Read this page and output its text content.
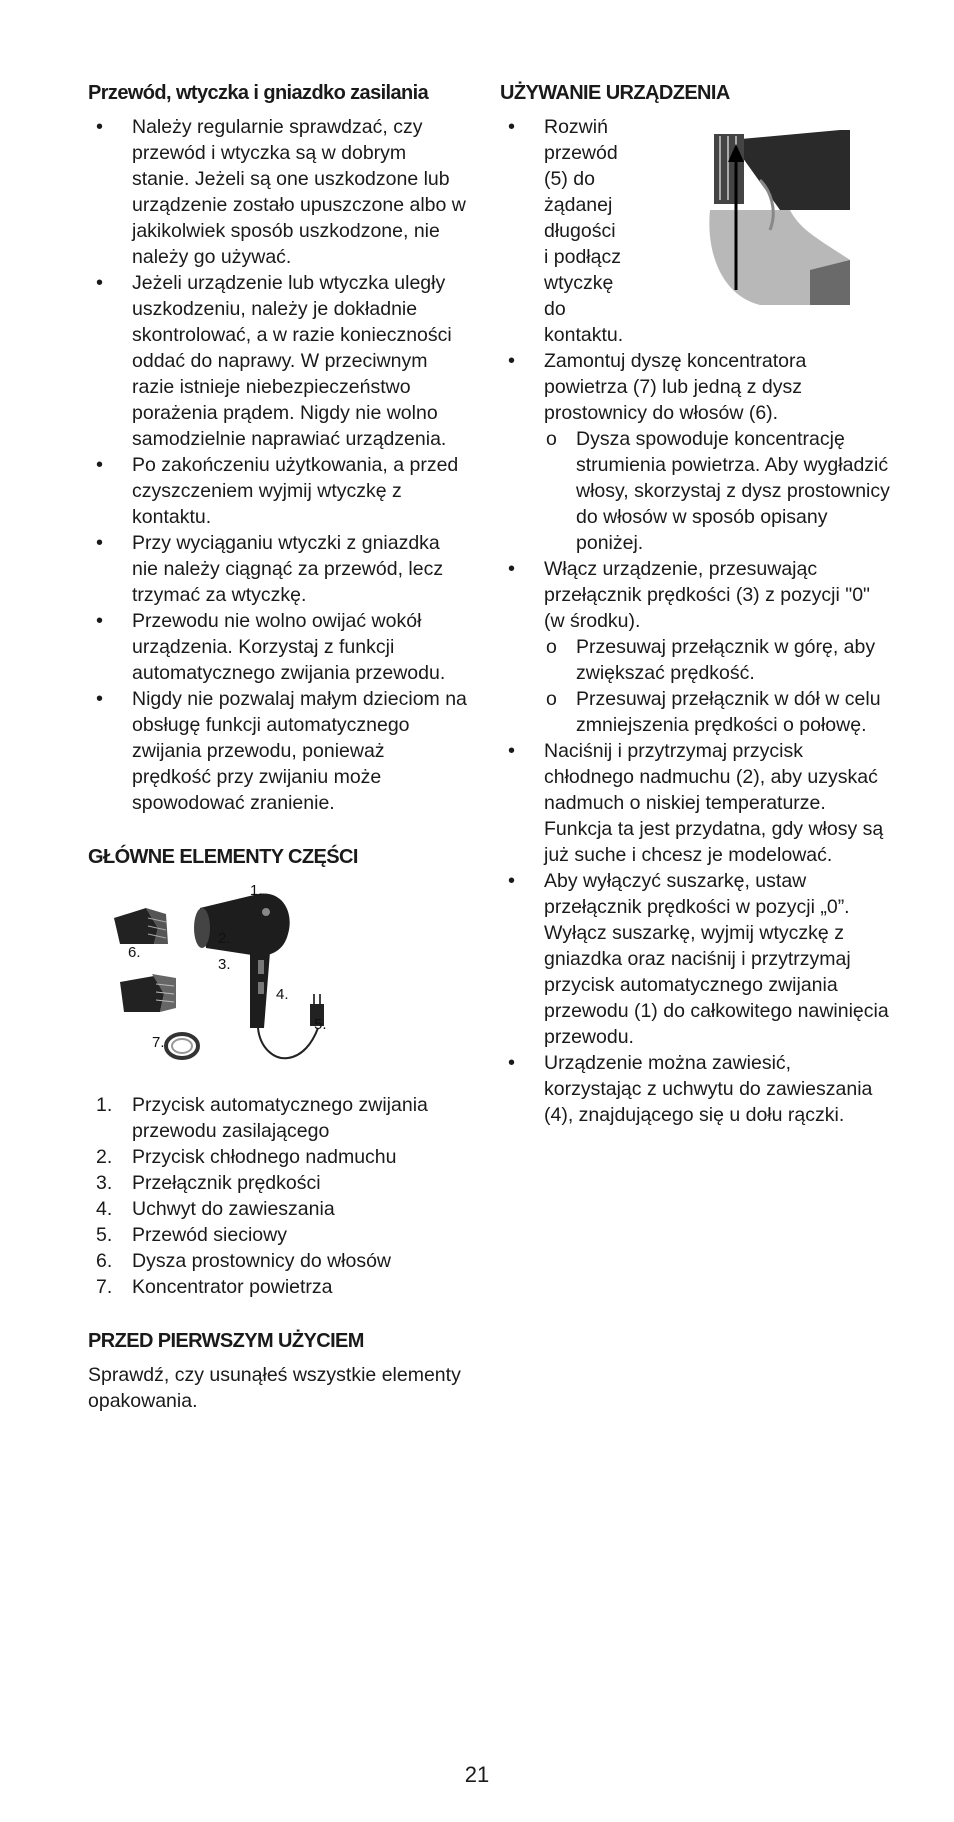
Przewód, wtyczka i gniazdko zasilania
• Należy regularnie sprawdzać, czy przewód i wtyczka są w dobrym stanie. Jeżeli są one uszkodzone lub urządzenie zostało upuszczone albo w jakikolwiek sposób uszkodzone, nie należy go używać.
• Jeżeli urządzenie lub wtyczka uległy uszkodzeniu, należy je dokładnie skontrolować, a w razie konieczności oddać do naprawy. W przeciwnym razie istnieje niebezpieczeństwo porażenia prądem. Nigdy nie wolno samodzielnie naprawiać urządzenia.
• Po zakończeniu użytkowania, a przed czyszczeniem wyjmij wtyczkę z kontaktu.
• Przy wyciąganiu wtyczki z gniazdka nie należy ciągnąć za przewód, lecz trzymać za wtyczkę.
• Przewodu nie wolno owijać wokół urządzenia. Korzystaj z funkcji automatycznego zwijania przewodu.
• Nigdy nie pozwalaj małym dzieciom na obsługę funkcji automatycznego zwijania przewodu, ponieważ prędkość przy zwijaniu może spowodować zranienie.
GŁÓWNE ELEMENTY CZĘŚCI
1.
2.
3.
4.
5.
6.
7.
1. Przycisk automatycznego zwijania przewodu zasilającego
2. Przycisk chłodnego nadmuchu
3. Przełącznik prędkości
4. Uchwyt do zawieszania
5. Przewód sieciowy
6. Dysza prostownicy do włosów
7. Koncentrator powietrza
PRZED PIERWSZYM UŻYCIEM

Sprawdź, czy usunąłeś wszystkie elementy opakowania.

UŻYWANIE URZĄDZENIA
• Rozwiń
przewód
(5) do
żądanej
długości
i podłącz
wtyczkę
do
kontaktu.
• Zamontuj dyszę koncentratora powietrza (7) lub jedną z dysz prostownicy do włosów (6).
o Dysza spowoduje koncentrację strumienia powietrza. Aby wygładzić włosy, skorzystaj z dysz prostownicy do włosów w sposób opisany poniżej.
• Włącz urządzenie, przesuwając przełącznik prędkości (3) z pozycji "0" (w środku).
o Przesuwaj przełącznik w górę, aby zwiększać prędkość.
o Przesuwaj przełącznik w dół w celu zmniejszenia prędkości o połowę.
• Naciśnij i przytrzymaj przycisk chłodnego nadmuchu (2), aby uzyskać nadmuch o niskiej temperaturze. Funkcja ta jest przydatna, gdy włosy są już suche i chcesz je modelować.
• Aby wyłączyć suszarkę, ustaw przełącznik prędkości w pozycji „0”. Wyłącz suszarkę, wyjmij wtyczkę z gniazdka oraz naciśnij i przytrzymaj przycisk automatycznego zwijania przewodu (1) do całkowitego nawinięcia przewodu.
• Urządzenie można zawiesić, korzystając z uchwytu do zawieszania (4), znajdującego się u dołu rączki.
21
